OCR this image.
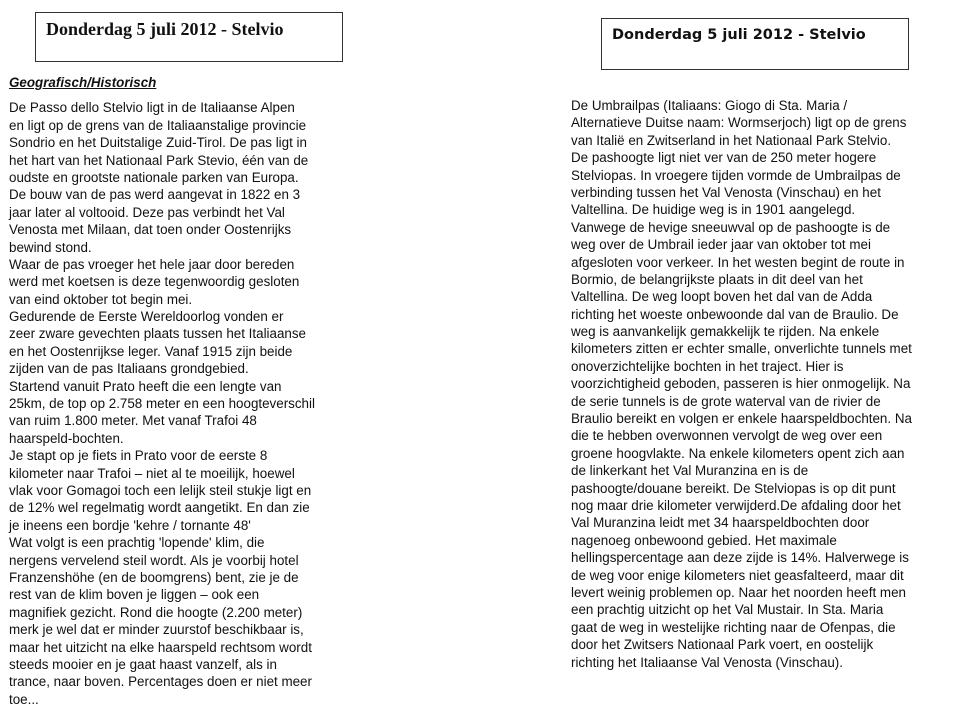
Donderdag 5 juli 2012 - Stelvio	Donderdag 5 juli 2012 - Stelvio
Geografisch/Historisch
De Passo dello Stelvio ligt in de Italiaanse Alpen
en ligt op de grens van de Italiaanstalige provincie
Sondrio en het Duitstalige Zuid-Tirol. De pas ligt in
het hart van het Nationaal Park Stevio, één van de
oudste en grootste nationale parken van Europa.
De bouw van de pas werd aangevat in 1822 en 3
jaar later al voltooid. Deze pas verbindt het Val
Venosta met Milaan, dat toen onder Oostenrijks
bewind stond.
Waar de pas vroeger het hele jaar door bereden
werd met koetsen is deze tegenwoordig gesloten
van eind oktober tot begin mei.
Gedurende de Eerste Wereldoorlog vonden er
zeer zware gevechten plaats tussen het Italiaanse
en het Oostenrijkse leger. Vanaf 1915 zijn beide
zijden van de pas Italiaans grondgebied.
Startend vanuit Prato heeft die een lengte van
25km, de top op 2.758 meter en een hoogteverschil
van ruim 1.800 meter. Met vanaf Trafoi 48
haarspeld-bochten.
Je stapt op je fiets in Prato voor de eerste 8
kilometer naar Trafoi – niet al te moeilijk, hoewel
vlak voor Gomagoi toch een lelijk steil stukje ligt en
de 12% wel regelmatig wordt aangetikt. En dan zie
je ineens een bordje 'kehre / tornante 48'
Wat volgt is een prachtig 'lopende' klim, die
nergens vervelend steil wordt. Als je voorbij hotel
Franzenshöhe (en de boomgrens) bent, zie je de
rest van de klim boven je liggen – ook een
magnifiek gezicht. Rond die hoogte (2.200 meter)
merk je wel dat er minder zuurstof beschikbaar is,
maar het uitzicht na elke haarspeld rechtsom wordt
steeds mooier en je gaat haast vanzelf, als in
trance, naar boven. Percentages doen er niet meer
toe...
De Umbrailpas (Italiaans: Giogo di Sta. Maria /
Alternatieve Duitse naam: Wormserjoch) ligt op de grens
van Italië en Zwitserland in het Nationaal Park Stelvio.
De pashoogte ligt niet ver van de 250 meter hogere
Stelviopas. In vroegere tijden vormde de Umbrailpas de
verbinding tussen het Val Venosta (Vinschau) en het
Valtellina. De huidige weg is in 1901 aangelegd.
Vanwege de hevige sneeuwval op de pashoogte is de
weg over de Umbrail ieder jaar van oktober tot mei
afgesloten voor verkeer. In het westen begint de route in
Bormio, de belangrijkste plaats in dit deel van het
Valtellina. De weg loopt boven het dal van de Adda
richting het woeste onbewoonde dal van de Braulio. De
weg is aanvankelijk gemakkelijk te rijden. Na enkele
kilometers zitten er echter smalle, onverlichte tunnels met
onoverzichtelijke bochten in het traject. Hier is
voorzichtigheid geboden, passeren is hier onmogelijk. Na
de serie tunnels is de grote waterval van de rivier de
Braulio bereikt en volgen er enkele haarspeldbochten. Na
die te hebben overwonnen vervolgt de weg over een
groene hoogvlakte. Na enkele kilometers opent zich aan
de linkerkant het Val Muranzina en is de
pashoogte/douane bereikt. De Stelviopas is op dit punt
nog maar drie kilometer verwijderd.De afdaling door het
Val Muranzina leidt met 34 haarspeldbochten door
nagenoeg onbewoond gebied. Het maximale
hellingspercentage aan deze zijde is 14%. Halverwege is
de weg voor enige kilometers niet geasfalteerd, maar dit
levert weinig problemen op. Naar het noorden heeft men
een prachtig uitzicht op het Val Mustair. In Sta. Maria
gaat de weg in westelijke richting naar de Ofenpas, die
door het Zwitsers Nationaal Park voert, en oostelijk
richting het Italiaanse Val Venosta (Vinschau).
